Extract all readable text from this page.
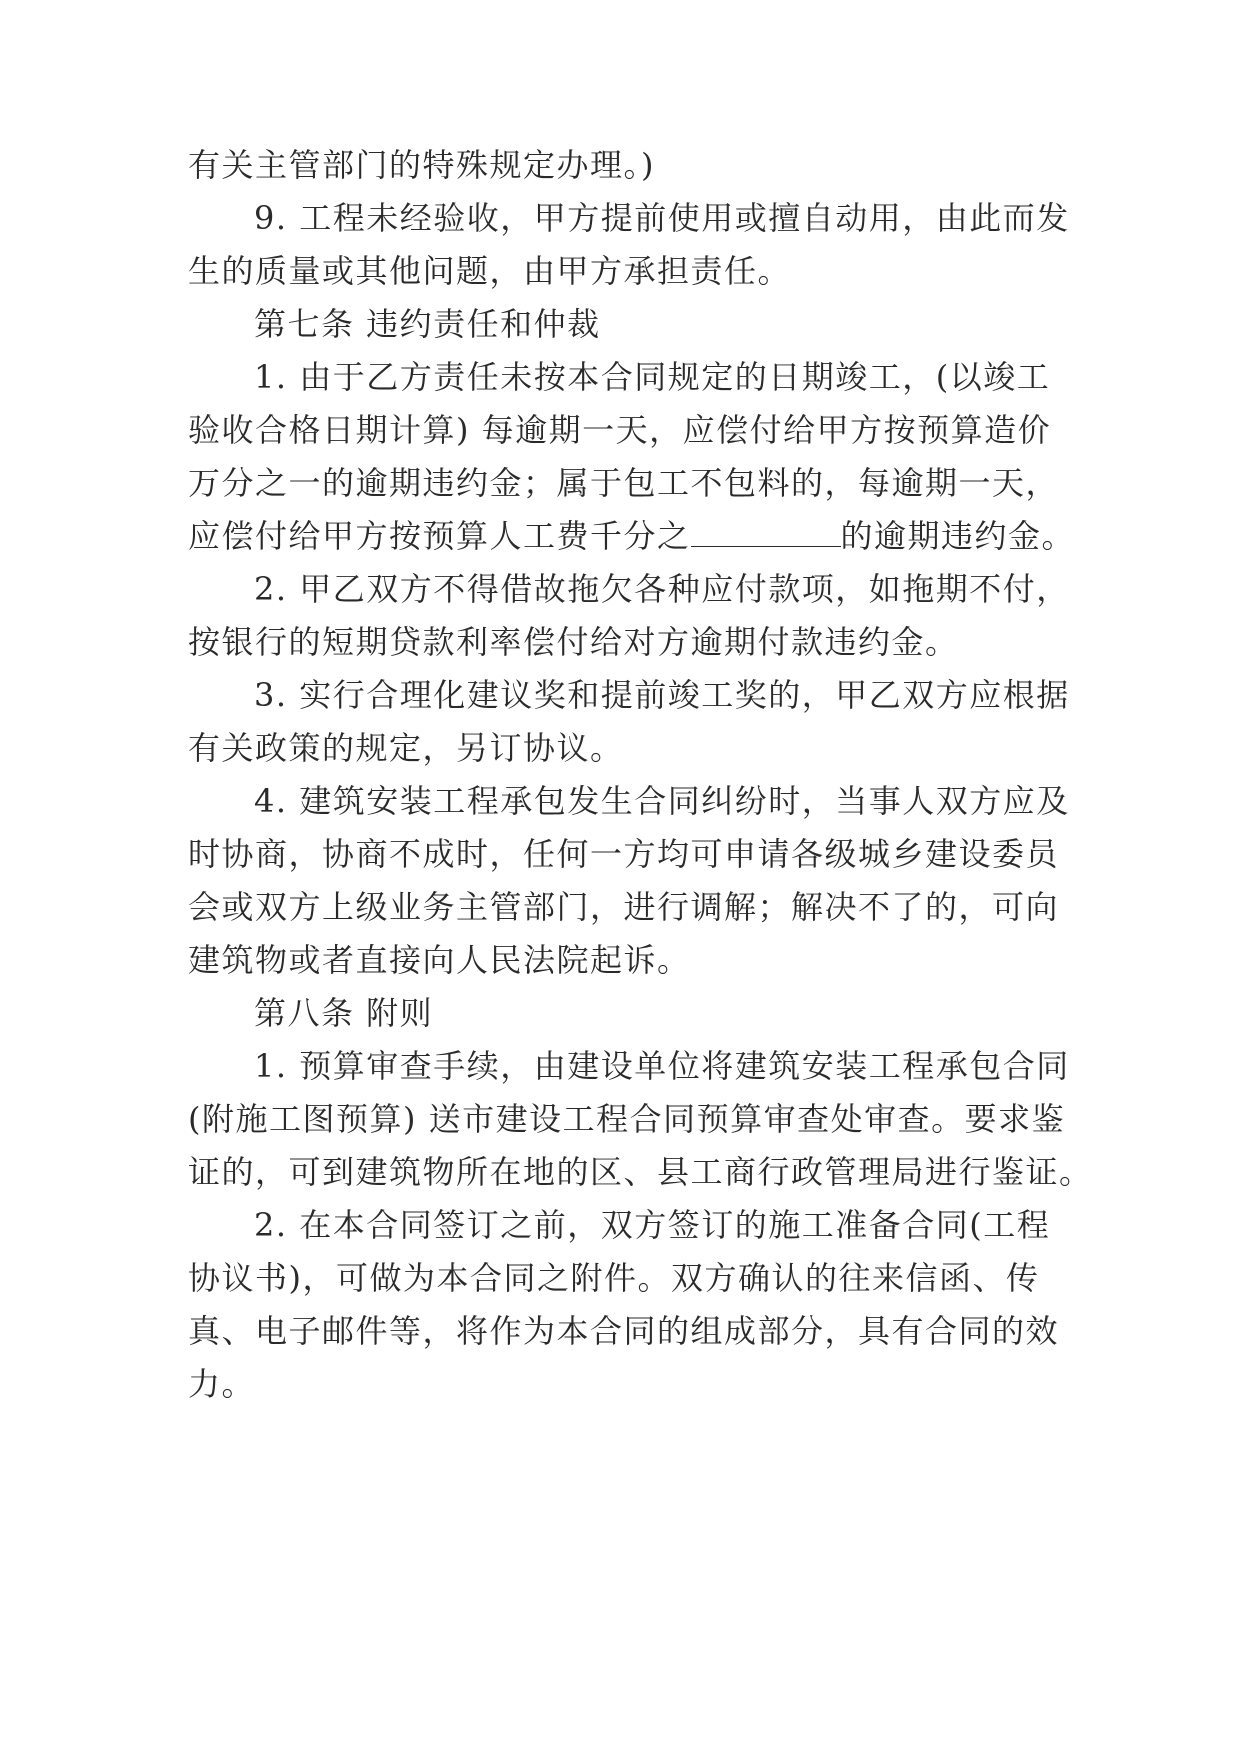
有关主管部门的特殊规定办理。)
9. 工程未经验收，甲方提前使用或擅自动用，由此而发
生的质量或其他问题，由甲方承担责任。
第七条 违约责任和仲裁
1. 由于乙方责任未按本合同规定的日期竣工，(以竣工
验收合格日期计算) 每逾期一天，应偿付给甲方按预算造价
万分之一的逾期违约金；属于包工不包料的，每逾期一天，
应偿付给甲方按预算人工费千分之	的逾期违约金。
2. 甲乙双方不得借故拖欠各种应付款项，如拖期不付，
按银行的短期贷款利率偿付给对方逾期付款违约金。
3. 实行合理化建议奖和提前竣工奖的，甲乙双方应根据
有关政策的规定，另订协议。
4. 建筑安装工程承包发生合同纠纷时，当事人双方应及
时协商，协商不成时，任何一方均可申请各级城乡建设委员
会或双方上级业务主管部门，进行调解；解决不了的，可向
建筑物或者直接向人民法院起诉。
第八条 附则
1. 预算审查手续，由建设单位将建筑安装工程承包合同
(附施工图预算) 送市建设工程合同预算审查处审查。要求鉴
证的，可到建筑物所在地的区、县工商行政管理局进行鉴证。
2. 在本合同签订之前，双方签订的施工准备合同(工程
协议书)，可做为本合同之附件。双方确认的往来信函、传
真、电子邮件等，将作为本合同的组成部分，具有合同的效
力。
